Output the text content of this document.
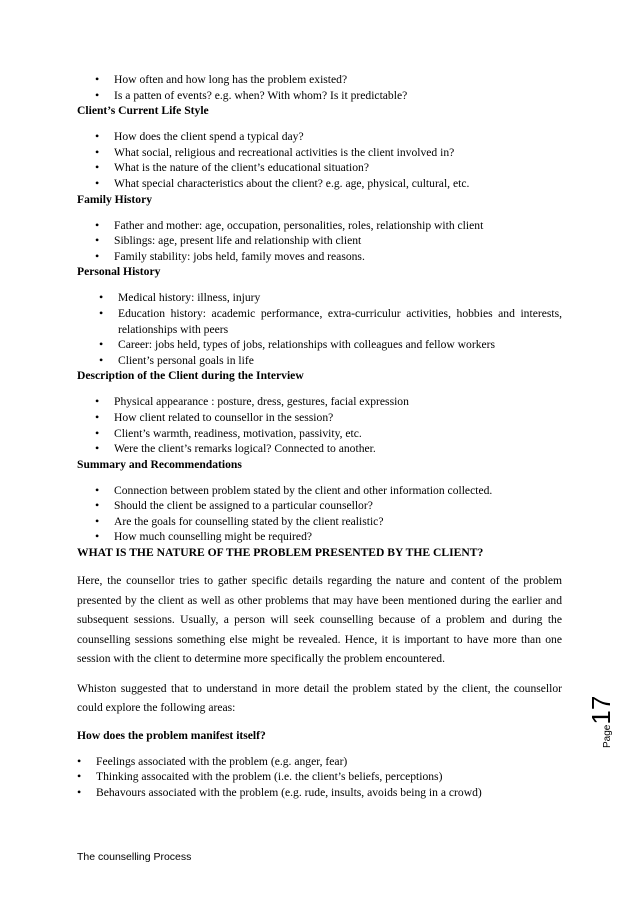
• How often and how long has the problem existed?
• Is a patten of events? e.g. when? With whom? Is it predictable?
Client’s Current Life Style
• How does the client spend a typical day?
• What social, religious and recreational activities is the client involved in?
• What is the nature of the client’s educational situation?
• What special characteristics about the client? e.g. age, physical, cultural, etc.
Family History
• Father and mother: age, occupation, personalities, roles, relationship with client
• Siblings: age, present life and relationship with client
• Family stability: jobs held, family moves and reasons.
Personal History
• Medical history: illness, injury
• Education history: academic performance, extra-curriculur activities, hobbies and interests, relationships with peers
• Career: jobs held, types of jobs, relationships with colleagues and fellow workers
• Client’s personal goals in life
Description of the Client during the Interview
• Physical appearance : posture, dress, gestures, facial expression
• How client related to counsellor in the session?
• Client’s warmth, readiness, motivation, passivity, etc.
• Were the client’s remarks logical? Connected to another.
Summary and Recommendations
• Connection between problem stated by the client and other information collected.
• Should the client be assigned to a particular counsellor?
• Are the goals for counselling stated by the client realistic?
• How much counselling might be required?
WHAT IS THE NATURE OF THE PROBLEM PRESENTED BY THE CLIENT?

Here, the counsellor tries to gather specific details regarding the nature and content of the problem presented by the client as well as other problems that may have been mentioned during the earlier and subsequent sessions. Usually, a person will seek counselling because of a problem and during the counselling sessions something else might be revealed. Hence, it is important to have more than one session with the client to determine more specifically the problem encountered.

Whiston suggested that to understand in more detail the problem stated by the client, the counsellor could explore the following areas:

How does the problem manifest itself?
• Feelings associated with the problem (e.g. anger, fear)
• Thinking assocaited with the problem (i.e. the client’s beliefs, perceptions)
• Behavours associated with the problem (e.g. rude, insults, avoids being in a crowd)
Page17
The counselling Process
